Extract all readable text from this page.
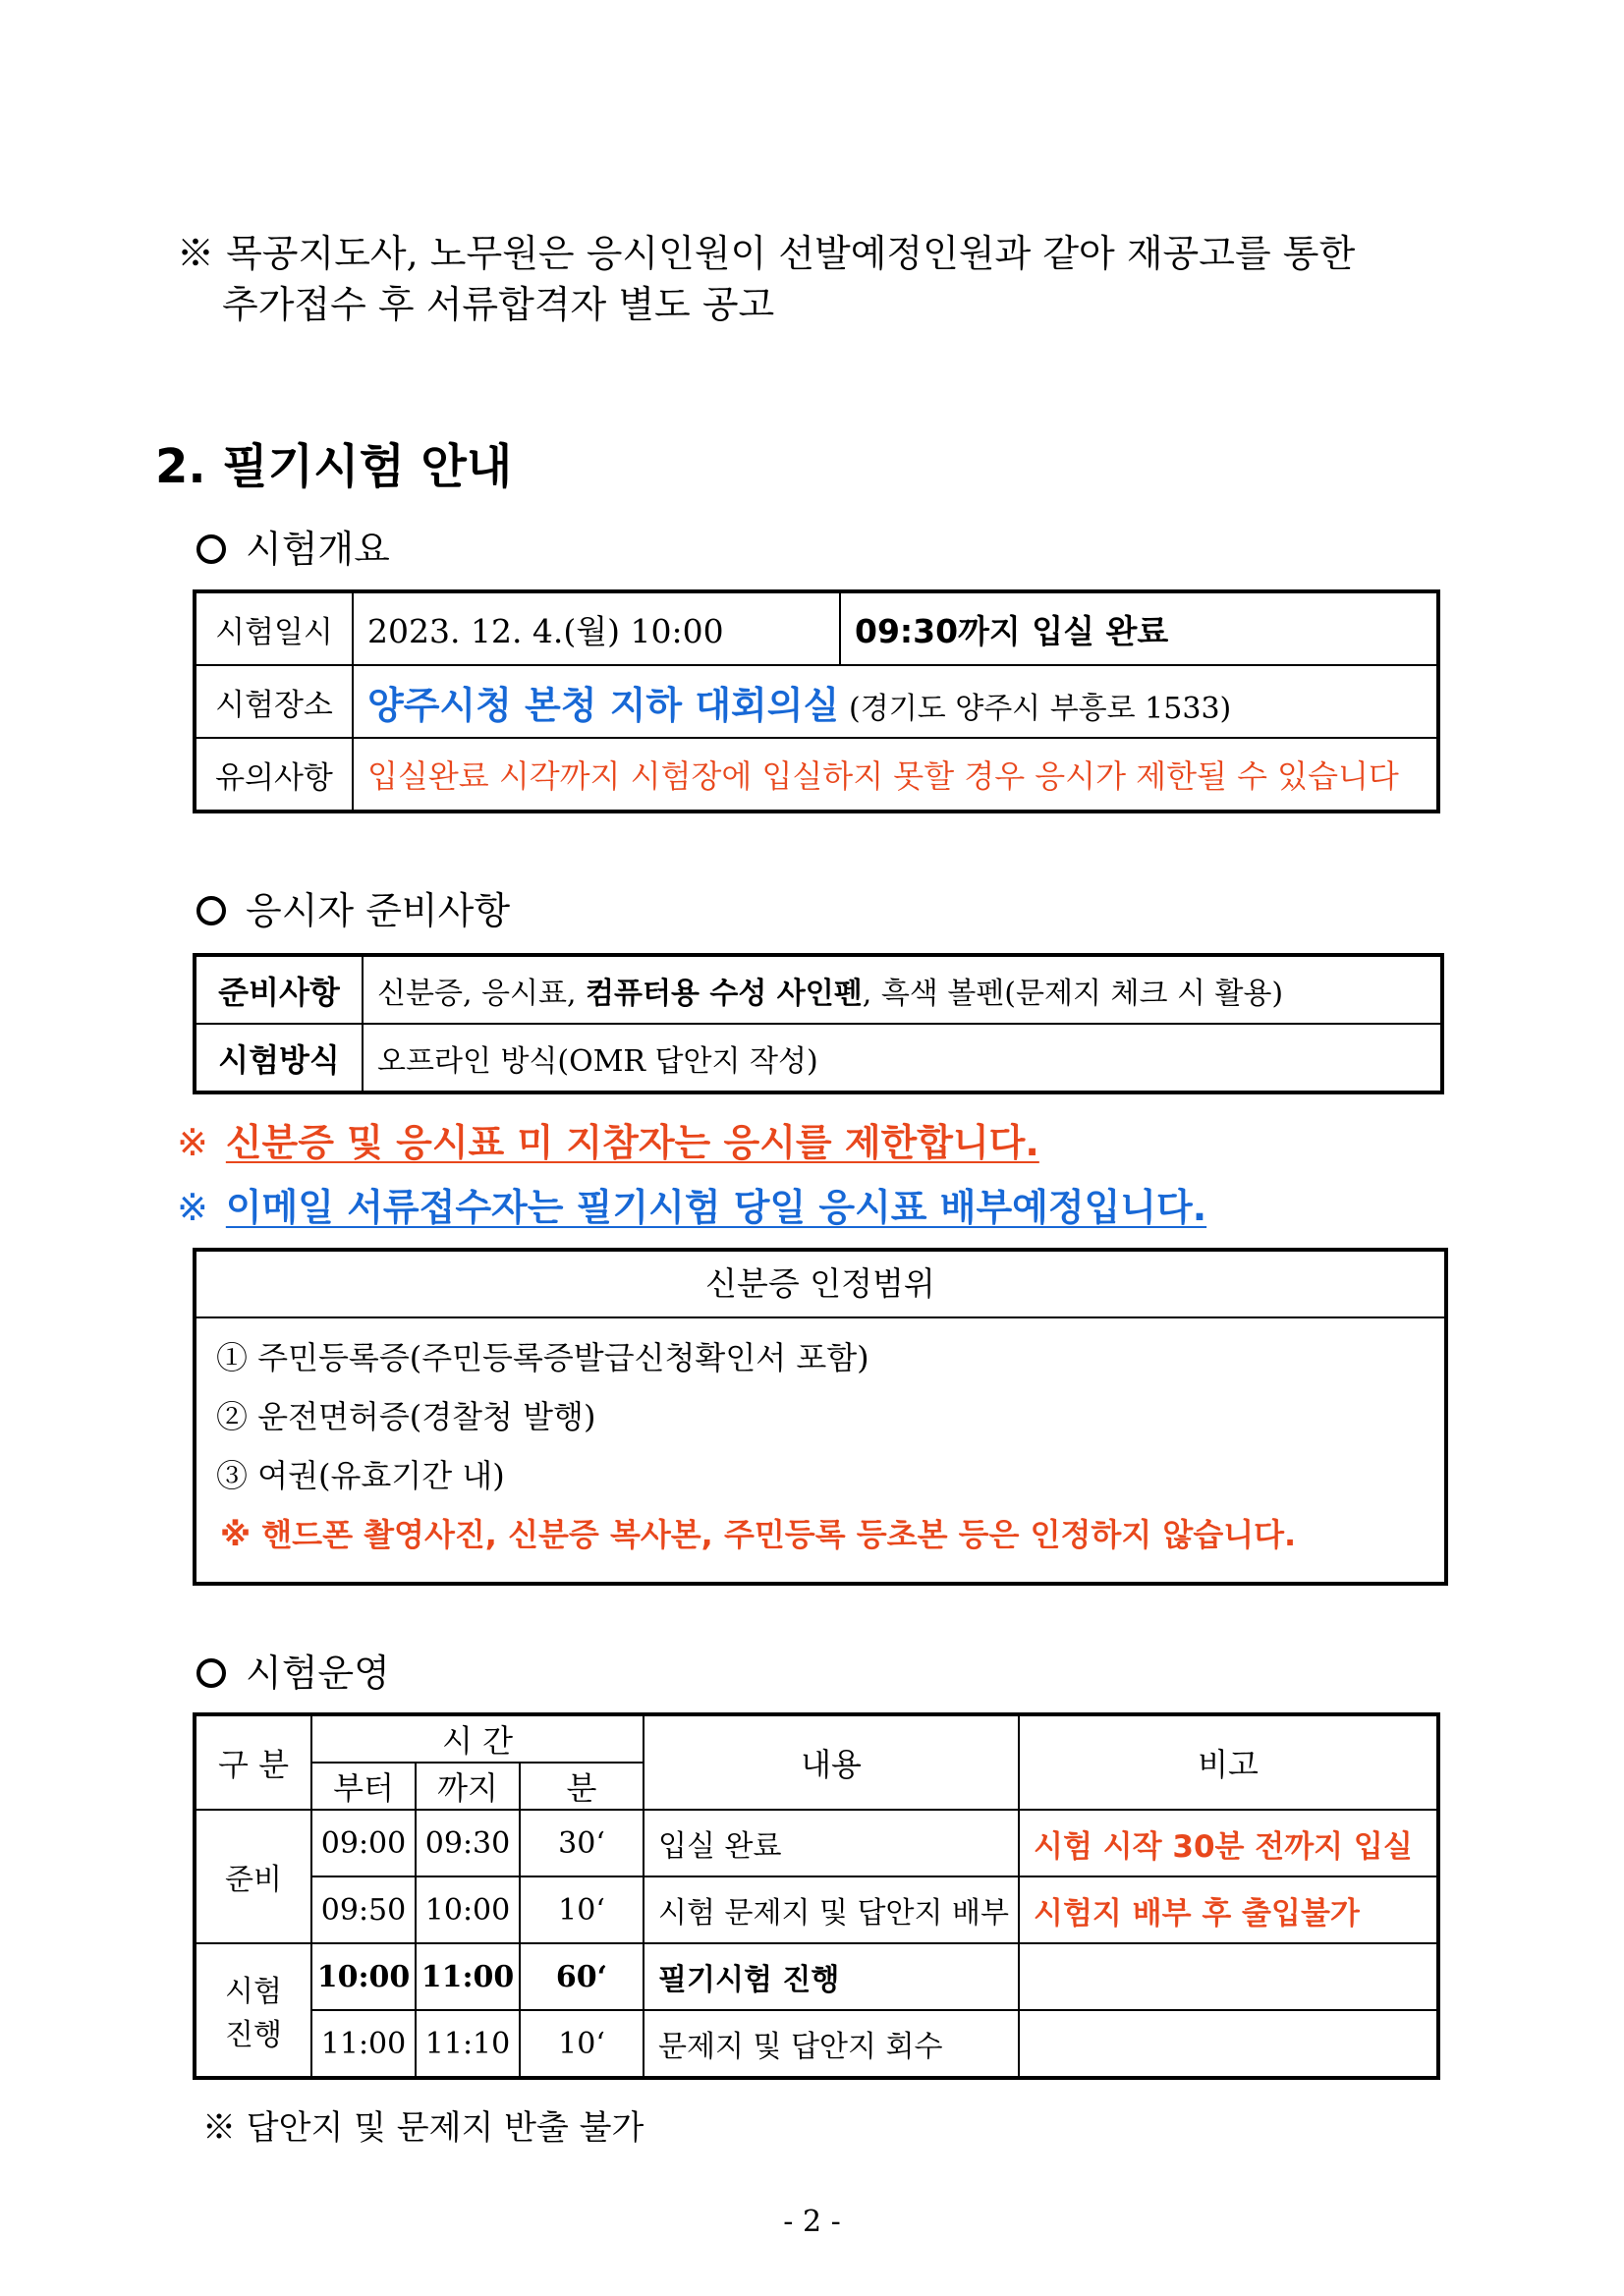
※ 목공지도사, 노무원은 응시인원이 선발예정인원과 같아 재공고를 통한
추가접수 후 서류합격자 별도 공고
2. 필기시험 안내
시험개요
시험일시	2023. 12. 4.(월) 10:00	09:30까지 입실 완료
시험장소	양주시청 본청 지하 대회의실 (경기도 양주시 부흥로 1533)	
유의사항	입실완료 시각까지 시험장에 입실하지 못할 경우 응시가 제한될 수 있습니다	
응시자 준비사항
준비사항	신분증, 응시표, 컴퓨터용 수성 사인펜, 흑색 볼펜(문제지 체크 시 활용)
시험방식	오프라인 방식(OMR 답안지 작성)
※ 신분증 및 응시표 미 지참자는 응시를 제한합니다.
※ 이메일 서류접수자는 필기시험 당일 응시표 배부예정입니다.
신분증 인정범위
① 주민등록증(주민등록증발급신청확인서 포함)
② 운전면허증(경찰청 발행)
③ 여권(유효기간 내)
※ 핸드폰 촬영사진, 신분증 복사본, 주민등록 등초본 등은 인정하지 않습니다.
시험운영
구 분	시 간			내용	비고
	부터	까지	분		
준비	09:00	09:30	30‘	입실 완료	시험 시작 30분 전까지 입실
	09:50	10:00	10‘	시험 문제지 및 답안지 배부	시험지 배부 후 출입불가

시험
진행	10:00	11:00	60‘	필기시험 진행	
	11:00	11:10	10‘	문제지 및 답안지 회수	
※ 답안지 및 문제지 반출 불가
- 2 -
